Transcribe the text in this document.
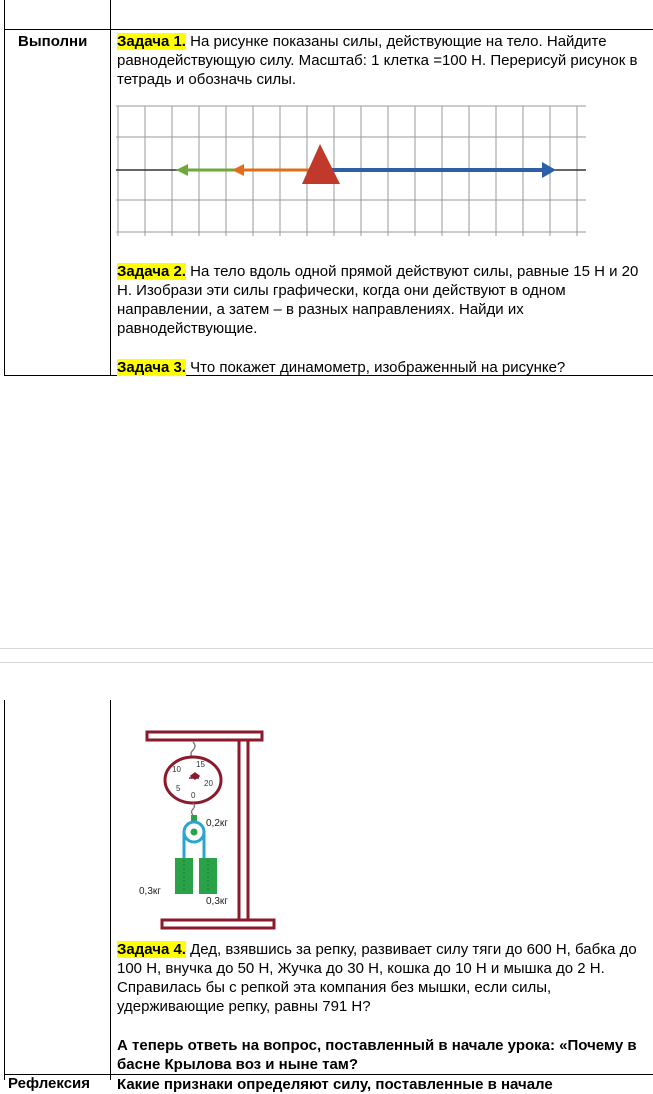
Выполни Задача 1. На рисунке показаны силы, действующие на тело. Найдите равнодействующую силу. Масштаб: 1 клетка =100 Н. Перерисуй рисунок в тетрадь и обозначь силы.
Задача 2. На тело вдоль одной прямой действуют силы, равные 15 Н и 20 Н. Изобрази эти силы графически, когда они действуют в одном направлении, а затем – в разных направлениях. Найди их равнодействующие.
Задача 3. Что покажет динамометр, изображенный на рисунке?
10
15
20
5
0
0,2кг
0,3кг
0,3кг
Задача 4. Дед, взявшись за репку, развивает силу тяги до 600 Н, бабка до 100 Н, внучка до 50 Н, Жучка до 30 Н, кошка до 10 Н и мышка до 2 Н. Справилась бы с репкой эта компания без мышки, если силы, удерживающие репку, равны 791 Н?
А теперь ответь на вопрос, поставленный в начале урока: «Почему в басне Крылова воз и ныне там?
Рефлексия	Какие признаки определяют силу, поставленные в начале
